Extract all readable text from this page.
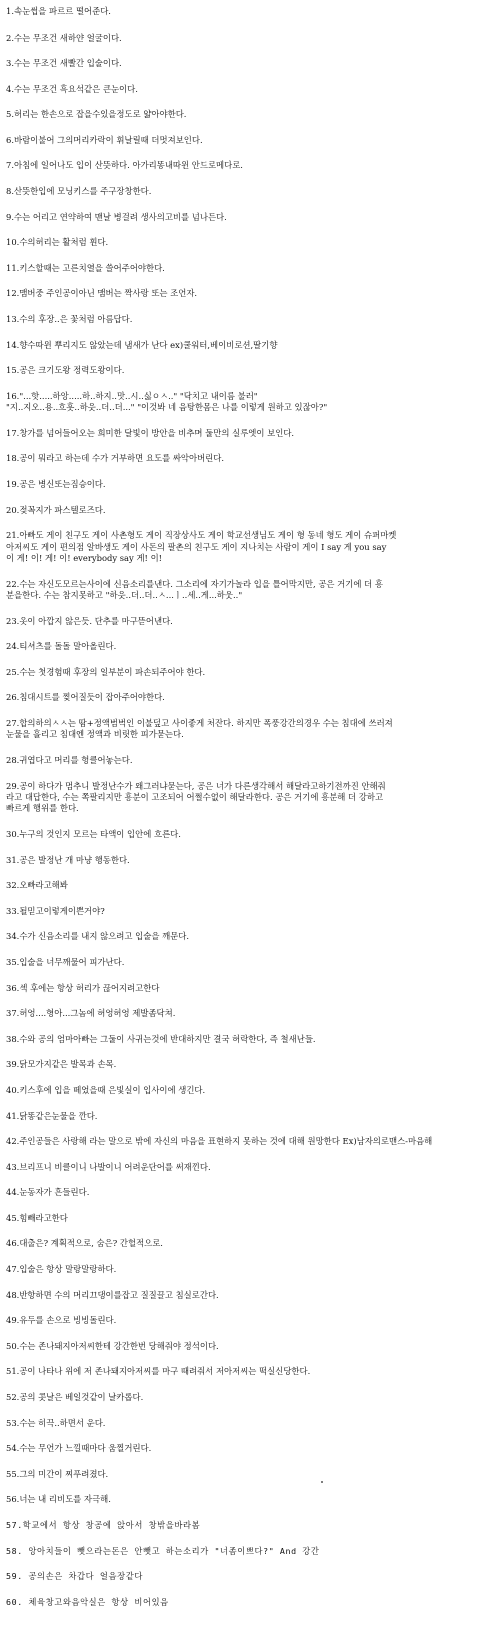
1.속눈썹을 파르르 떨어준다.
2.수는 무조건 새하얀 얼굴이다.
3.수는 무조건 새빨간 입술이다.
4.수는 무조건 흑요석같은 큰눈이다.
5.허리는 한손으로 잡을수있을정도로 얇아야한다.
6.바람이불어 그의머리카락이 휘날릴때 더멋져보인다.
7.아침에 일어나도 입이 산뜻하다. 아가리똥내따윈 안드로메다로.
8.산뜻한입에 모닝키스를 주구장창한다.
9.수는 어리고 연약하여 맨날 병걸려 생사의고비를 넘나든다.
10.수의허리는 활처럼 휜다.
11.키스할때는 고른치열을 쓸어주어야한다.
12.맴버중 주인공이아닌 맴버는 짝사랑 또는 조언자.
13.수의 후장..은 꽃처럼 아름답다.
14.향수따윈 뿌리지도 않았는데 냄새가 난다 ex)쿨워터,베이비로션,딸기향
15.공은 크기도왕 정력도왕이다.
16."...핫.....하앙.....하..하지..맛..시..싫ㅇㅅ.." "닥치고 내이름 불러"
"지..지오..용..흐흣..하읏..더..더..." "이것봐 네 음탕한몸은 나를 이렇게 원하고 있잖아?"
17.창가를 넘어들어오는 희미한 달빛이 방안을 비추며 둘만의 실루엣이 보인다.
18.공이 뭐라고 하는데 수가 거부하면 요도를 싸악아버린다.
19.공은 병신또는짐승이다.
20.젖꼭지가 파스텔로즈다.
21.아빠도 게이 친구도 게이 사촌형도 게이 직장상사도 게이 학교선생님도 게이 형 동네 형도 게이 슈퍼마켓
아저씨도 게이 편의점 알바생도 게이 사돈의 팔촌의 친구도 게이 지나치는 사람이 게이 I say 게 you say
이 게! 이! 게! 이! everybody say 게! 이!
22.수는 자신도모르는사이에 신음소리를낸다. 그소리에 자기가놀라 입을 틀어막지만, 공은 거기에 더 흥
분을한다. 수는 참지못하고 "하읏..더..더..ㅅ...ㅣ..세..게...하웃.."
23.옷이 아깝지 않은듯. 단추를 마구뜯어낸다.
24.티셔츠를 돌돌 말아올린다.
25.수는 첫경험때 후장의 일부분이 파손되주어야 한다.
26.침대시트를 찢어질듯이 잡아주어야한다.
27.합의하의ㅅㅅ는 땀+정액범벅인 이불덮고 사이좋게 처잔다. 하지만 폭풍강간의경우 수는 침대에 쓰러져
눈물을 흘리고 침대엔 정액과 비릿한 피가묻는다.
28.귀엽다고 머리를 헝클어놓는다.
29.공이 하다가 멈추니 발정난수가 왜그러냐묻는다, 공은 너가 다른생각해서 해달라고하기전까진 안해줘
라고 대답한다, 수는 쪽팔리지만 흥분이 고조되어 어쩔수없이 해달라한다. 공은 거기에 흥분해 더 강하고
빠르게 행위를 한다.
30.누구의 것인지 모르는 타액이 입안에 흐른다.
31.공은 발정난 개 마냥 행동한다.
32.오빠라고해봐
33.될믿고이렇게이쁜거야?
34.수가 신음소리를 내지 않으려고 입술을 깨문다.
35.입술을 너무깨물어 피가난다.
36.섹 후에는 항상 허리가 끊어지려고한다
37.허엉....형아...그놈에 허엉허엉 제발좀닥쳐.
38.수와 공의 엄마아빠는 그둘이 사귀는것에 반대하지만 결국 허락한다, 즉 철새난들.
39.닭모가지같은 발목과 손목.
40.키스후에 입을 떼었을때 은빛실이 입사이에 생긴다.
41.닭똥같은눈물을 깐다.
42.주인공들은 사랑해 라는 말으로 밖에 자신의 마음을 표현하지 못하는 것에 대해 원망한다 Ex)남자의로맨스-마음해
43.브리프니 비클이니 나발이니 어려운단어를 써재낀다.
44.눈동자가 흔들린다.
45.힘빼라고한다
46.대출은? 계획적으로, 숨은? 간헐적으로.
47.입술은 항상 말랑말랑하다.
48.반항하면 수의 머리끄댕이를잡고 질질끌고 침실로간다.
49.유두를 손으로 빙빙돌린다.
50.수는 존나돼지아저씨한테 강간한번 당해줘야 정석이다.
51.공이 나타나 위에 저 존나돼지아저씨를 마구 때려줘서 저아저씨는 떡실신당한다.
52.공의 콧날은 베일것같이 날카롭다.
53.수는 히끅..하면서 운다.
54.수는 무언가 느낄때마다 움찔거린다.
55.그의 미간이 찌푸려졌다.
56.너는 내 리비도를 자극해.
57.학교에서 항상 창공에 앉아서 창밖을바라봄
58. 앙아치들이 뺏으라는돈은 안뺏고 하는소리가 "너좀이쁘다?" And 강간
59. 공의손은 차갑다 얼음장같다
60. 체육창고와음악실은 항상 비어있음
